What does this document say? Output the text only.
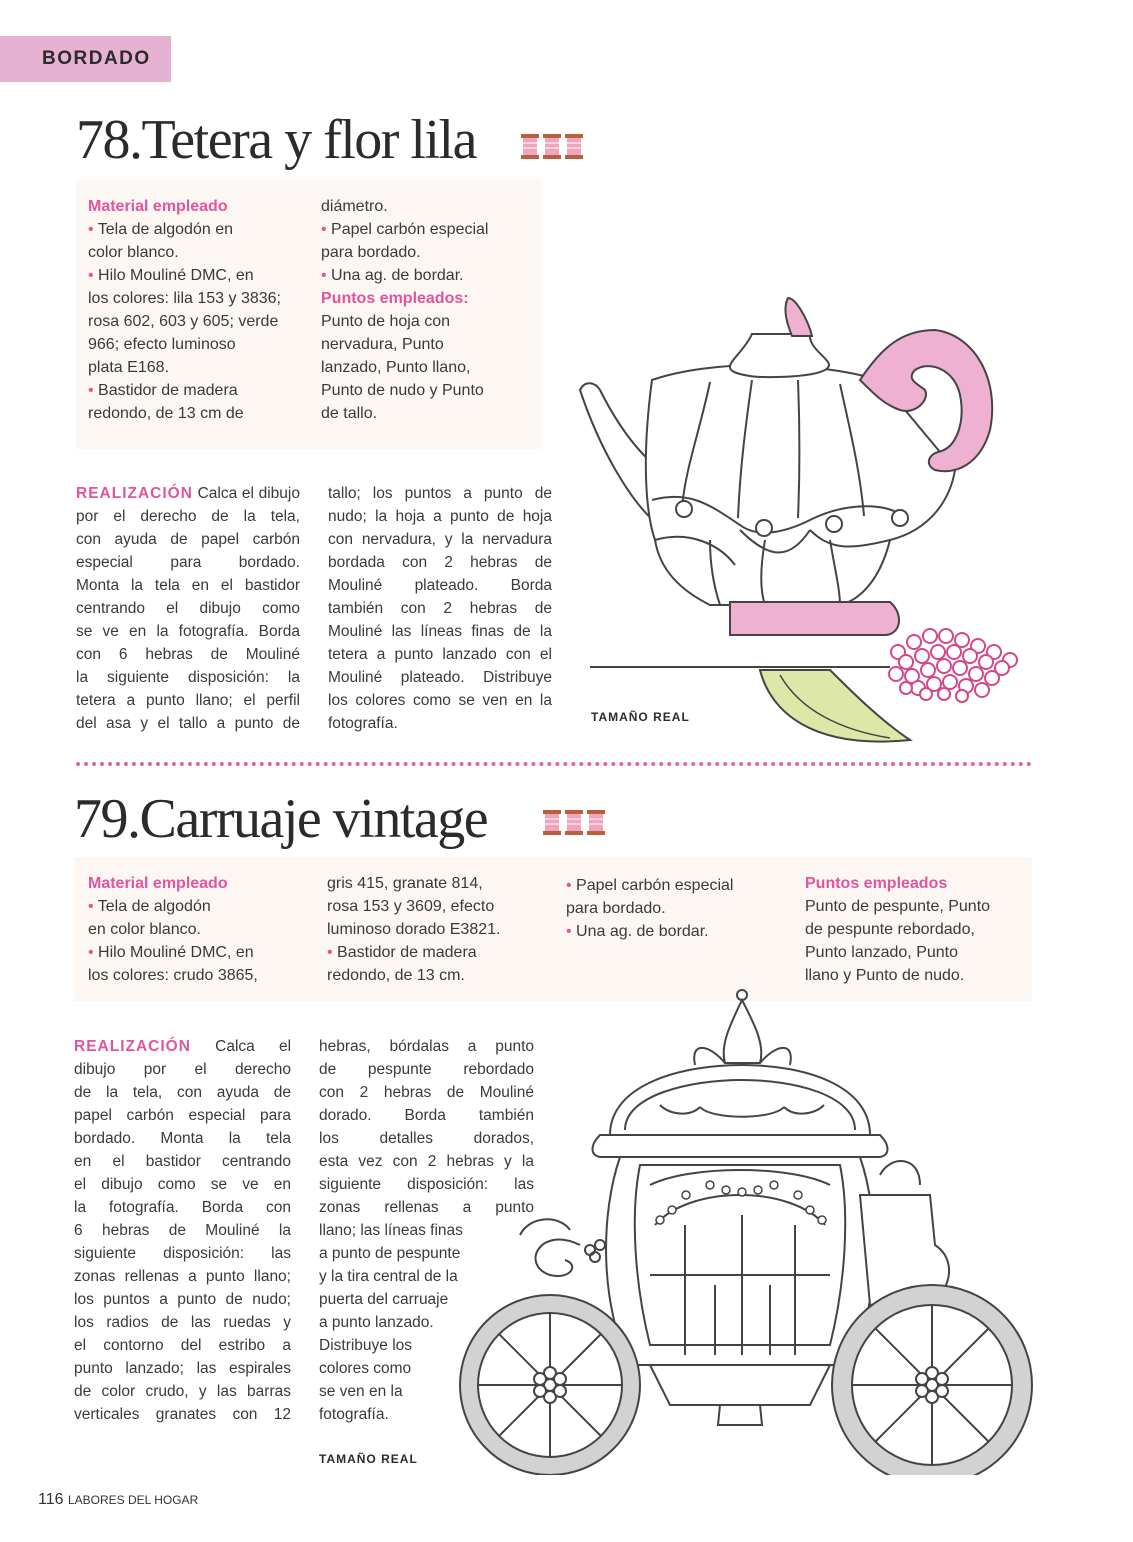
BORDADO
78.Tetera y flor lila
Material empleado
• Tela de algodón en
color blanco.
• Hilo Mouliné DMC, en
los colores: lila 153 y 3836;
rosa 602, 603 y 605; verde
966; efecto luminoso
plata E168.
• Bastidor de madera
redondo, de 13 cm de
diámetro.
• Papel carbón especial
para bordado.
• Una ag. de bordar.
Puntos empleados:
Punto de hoja con
nervadura, Punto
lanzado, Punto llano,
Punto de nudo y Punto
de tallo.
REALIZACIÓN Calca el dibujo
por el derecho de la tela,
con ayuda de papel carbón
especial para bordado.
Monta la tela en el bastidor
centrando el dibujo como
se ve en la fotografía. Borda
con 6 hebras de Mouliné
la siguiente disposición: la
tetera a punto llano; el perfil
del asa y el tallo a punto de
tallo; los puntos a punto de
nudo; la hoja a punto de hoja
con nervadura, y la nervadura
bordada con 2 hebras de
Mouliné plateado. Borda
también con 2 hebras de
Mouliné las líneas finas de la
tetera a punto lanzado con el
Mouliné plateado. Distribuye
los colores como se ven en la
fotografía.	TAMAÑO REAL
79.Carruaje vintage
Material empleado
• Tela de algodón
en color blanco.
• Hilo Mouliné DMC, en
los colores: crudo 3865,
gris 415, granate 814,
rosa 153 y 3609, efecto
luminoso dorado E3821.
• Bastidor de madera
redondo, de 13 cm.
• Papel carbón especial
para bordado.
• Una ag. de bordar.
Puntos empleados
Punto de pespunte, Punto
de pespunte rebordado,
Punto lanzado, Punto
llano y Punto de nudo.
REALIZACIÓN Calca el
dibujo por el derecho
de la tela, con ayuda de
papel carbón especial para
bordado. Monta la tela
en el bastidor centrando
el dibujo como se ve en
la fotografía. Borda con
6 hebras de Mouliné la
siguiente disposición: las
zonas rellenas a punto llano;
los puntos a punto de nudo;
los radios de las ruedas y
el contorno del estribo a
punto lanzado; las espirales
de color crudo, y las barras
verticales granates con 12
hebras, bórdalas a punto
de pespunte rebordado
con 2 hebras de Mouliné
dorado. Borda también
los detalles dorados,
esta vez con 2 hebras y la
siguiente disposición: las
zonas rellenas a punto
llano; las líneas finas
a punto de pespunte
y la tira central de la
puerta del carruaje
a punto lanzado.
Distribuye los
colores como
se ven en la
fotografía.
TAMAÑO REAL
116 LABORES DEL HOGAR
